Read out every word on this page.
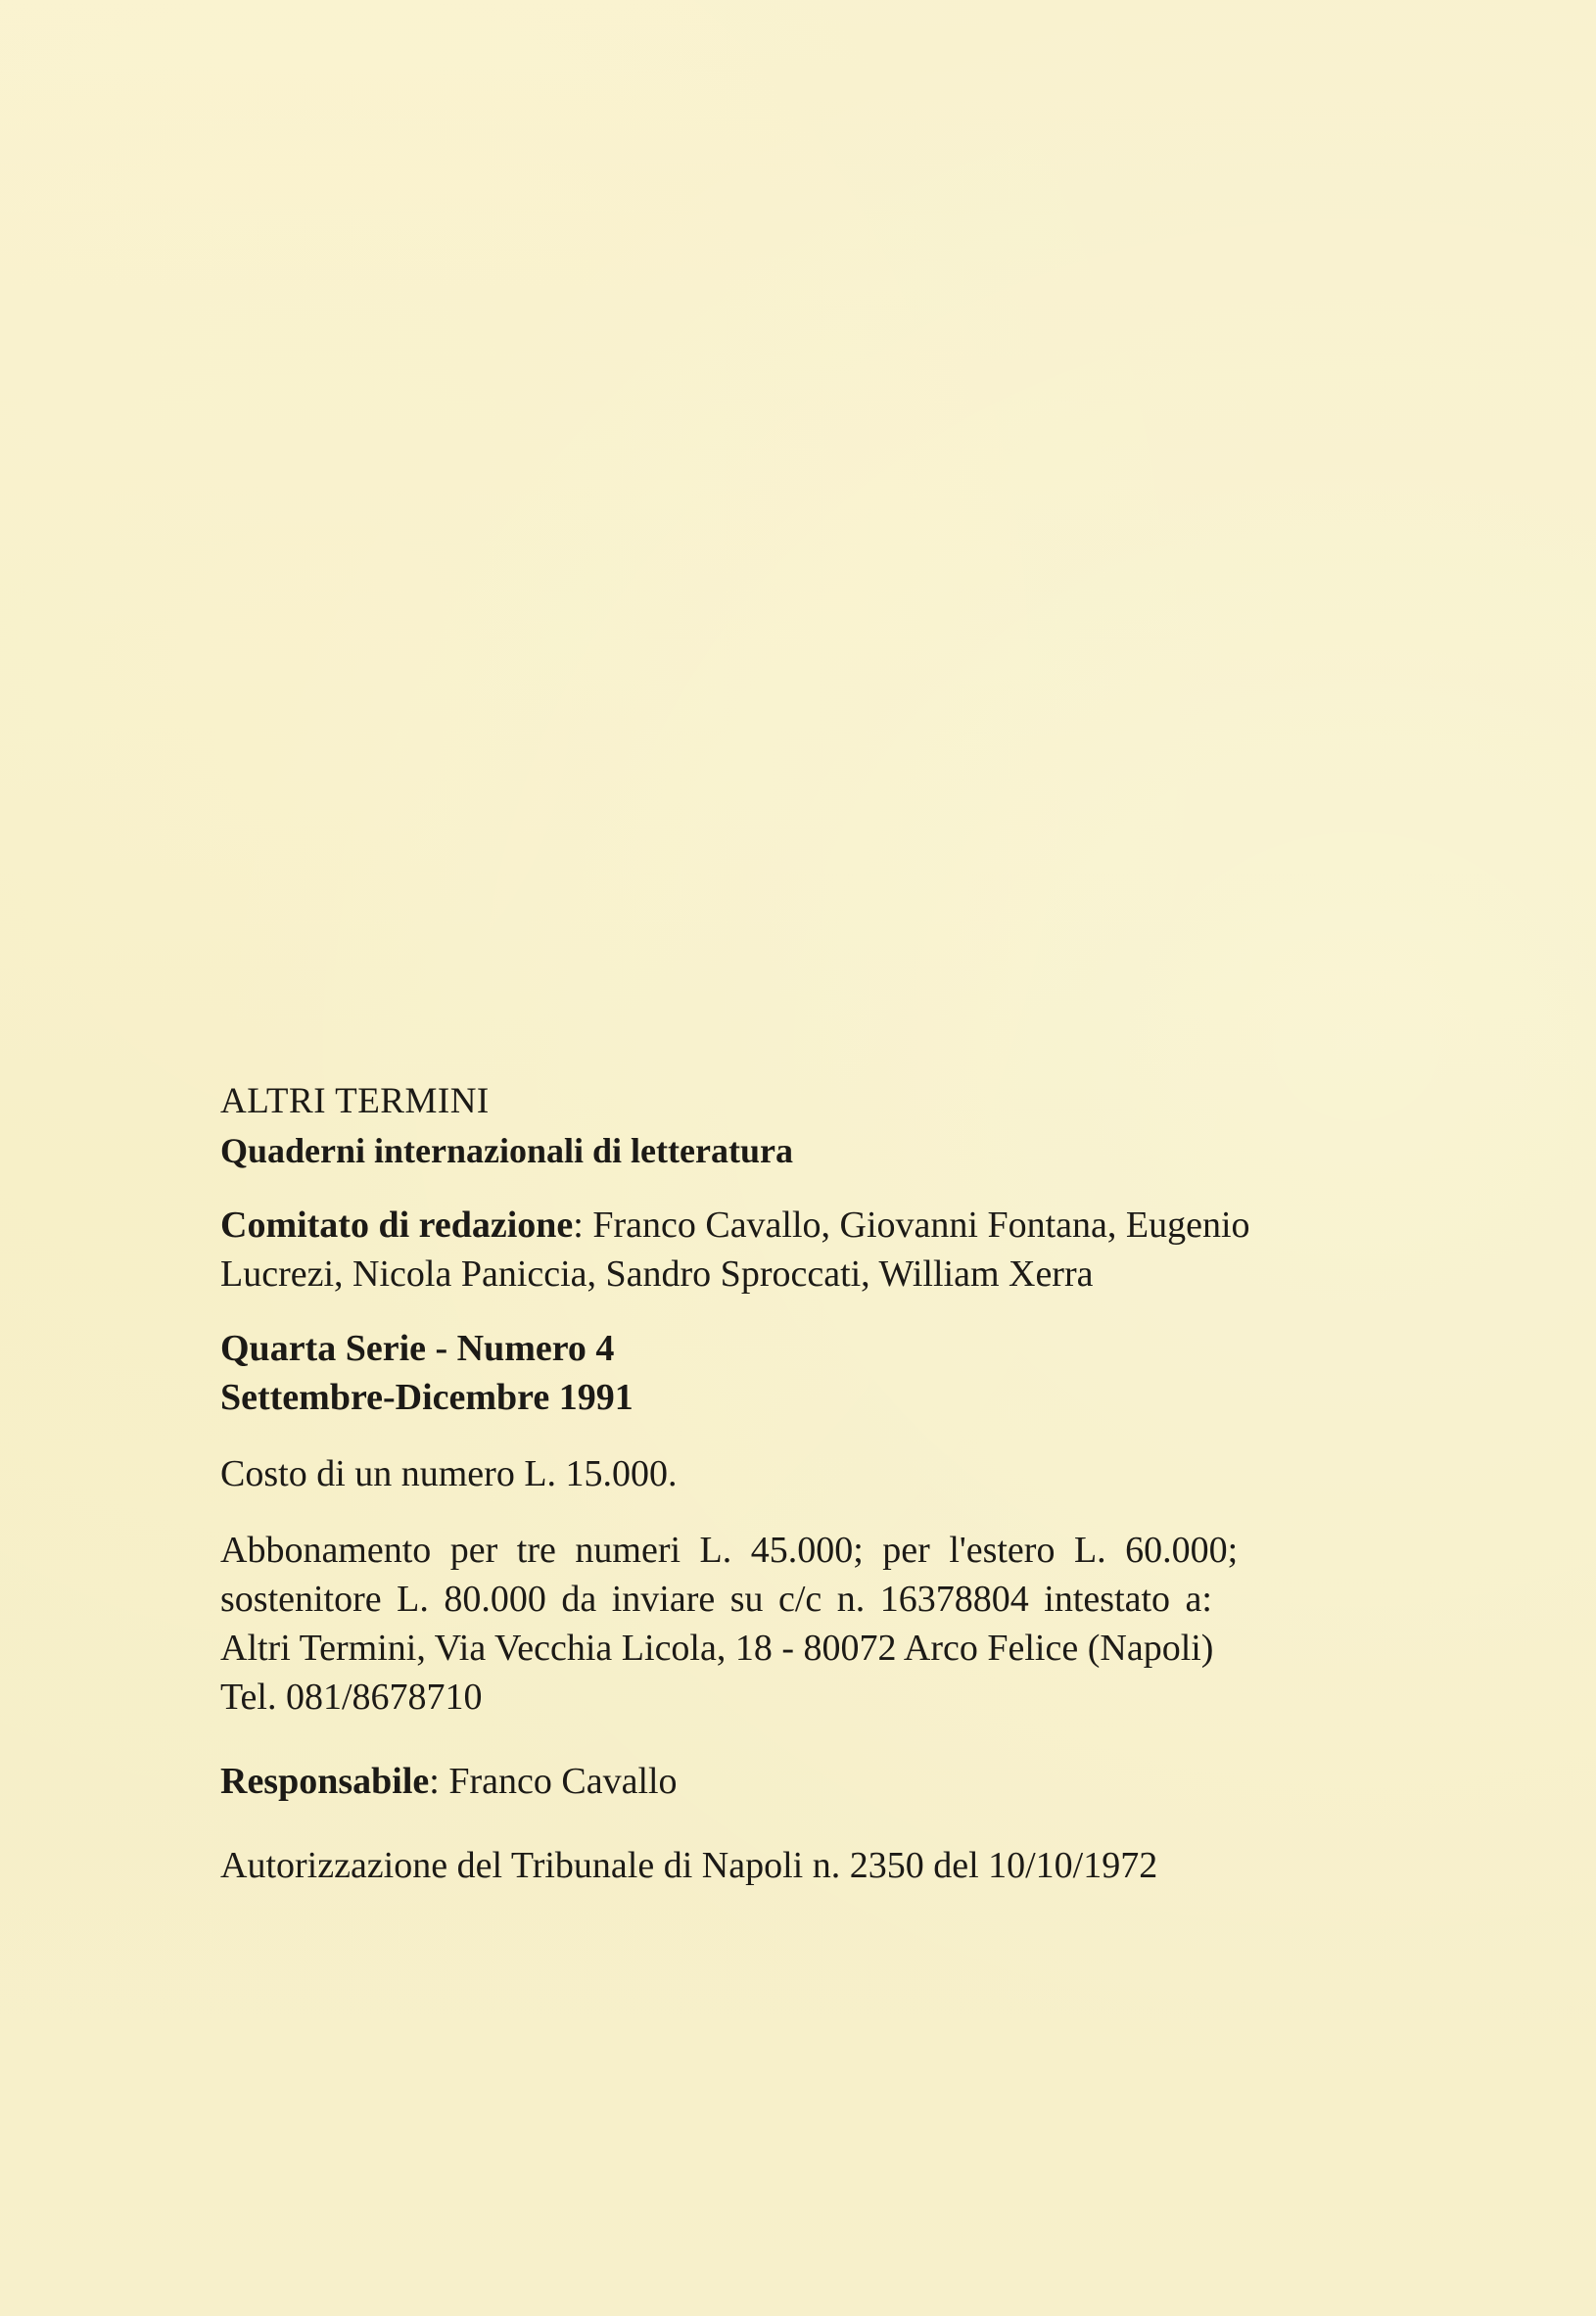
ALTRI TERMINI
Quaderni internazionali di letteratura
Comitato di redazione: Franco Cavallo, Giovanni Fontana, Eugenio
Lucrezi, Nicola Paniccia, Sandro Sproccati, William Xerra
Quarta Serie - Numero 4
Settembre-Dicembre 1991
Costo di un numero L. 15.000.
Abbonamento per tre numeri L. 45.000; per l'estero L. 60.000;
sostenitore L. 80.000 da inviare su c/c n. 16378804 intestato a:
Altri Termini, Via Vecchia Licola, 18 - 80072 Arco Felice (Napoli)
Tel. 081/8678710
Responsabile: Franco Cavallo
Autorizzazione del Tribunale di Napoli n. 2350 del 10/10/1972
